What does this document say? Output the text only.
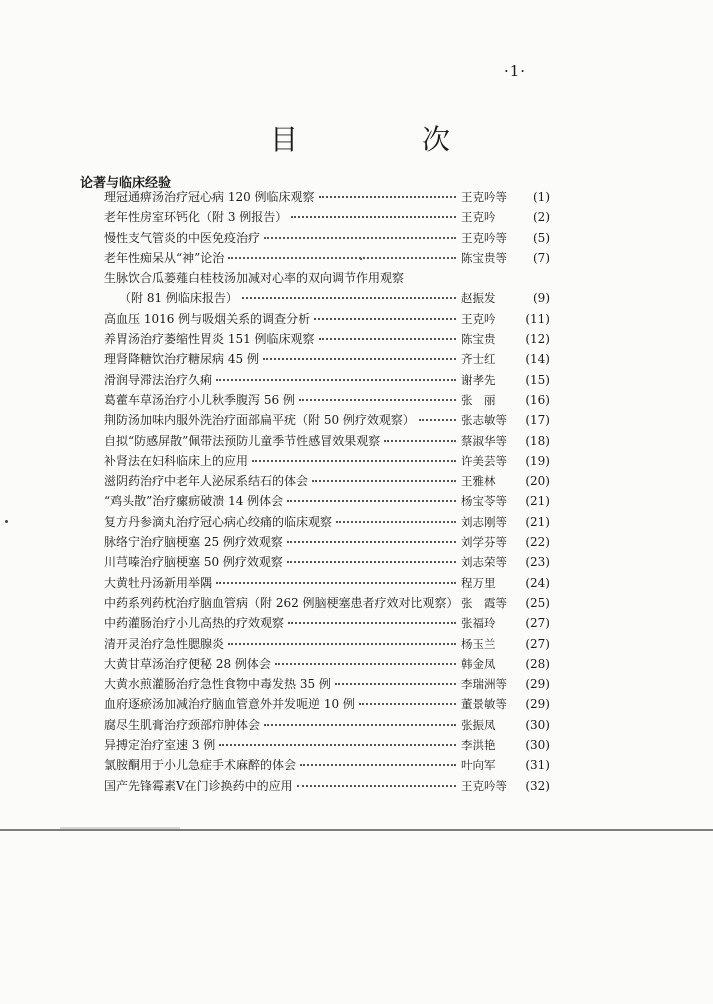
·1·
目　次
论著与临床经验
理冠通痹汤治疗冠心病 120 例临床观察	王克吟等	(1)
老年性房室环钙化（附 3 例报告）	王克吟	(2)
慢性支气管炎的中医免疫治疗	王克吟等	(5)
老年性痴呆从“神”论治	陈宝贵等	(7)
生脉饮合瓜蒌薤白桂枝汤加减对心率的双向调节作用观察
（附 81 例临床报告）	赵振发	(9)
高血压 1016 例与吸烟关系的调查分析	王克吟	(11)
养胃汤治疗萎缩性胃炎 151 例临床观察	陈宝贵	(12)
理肾降糖饮治疗糖尿病 45 例	齐士红	(14)
滑润导滞法治疗久痢	谢孝先	(15)
葛藿车草汤治疗小儿秋季腹泻 56 例	张　丽	(16)
荆防汤加味内服外洗治疗面部扁平疣（附 50 例疗效观察）	张志敏等	(17)
自拟“防感屏散”佩带法预防儿童季节性感冒效果观察	蔡淑华等	(18)
补肾法在妇科临床上的应用	许美芸等	(19)
滋阴药治疗中老年人泌尿系结石的体会	王雅林	(20)
“鸡头散”治疗瘰疬破溃 14 例体会	杨宝苓等	(21)
复方丹参滴丸治疗冠心病心绞痛的临床观察	刘志刚等	(21)
脉络宁治疗脑梗塞 25 例疗效观察	刘学芬等	(22)
川芎嗪治疗脑梗塞 50 例疗效观察	刘志荣等	(23)
大黄牡丹汤新用举隅	程万里	(24)
中药系列药枕治疗脑血管病（附 262 例脑梗塞患者疗效对比观察） 张　霞等	(25)
中药灌肠治疗小儿高热的疗效观察	张福玲	(27)
清开灵治疗急性腮腺炎	杨玉兰	(27)
大黄甘草汤治疗便秘 28 例体会	韩金凤	(28)
大黄水煎灌肠治疗急性食物中毒发热 35 例	李瑞洲等	(29)
血府逐瘀汤加减治疗脑血管意外并发呃逆 10 例	董景敏等	(29)
腐尽生肌膏治疗颈部疖肿体会	张振凤	(30)
异搏定治疗室速 3 例	李洪艳	(30)
氯胺酮用于小儿急症手术麻醉的体会	叶向军	(31)
国产先锋霉素Ⅴ在门诊换药中的应用	王克吟等	(32)
